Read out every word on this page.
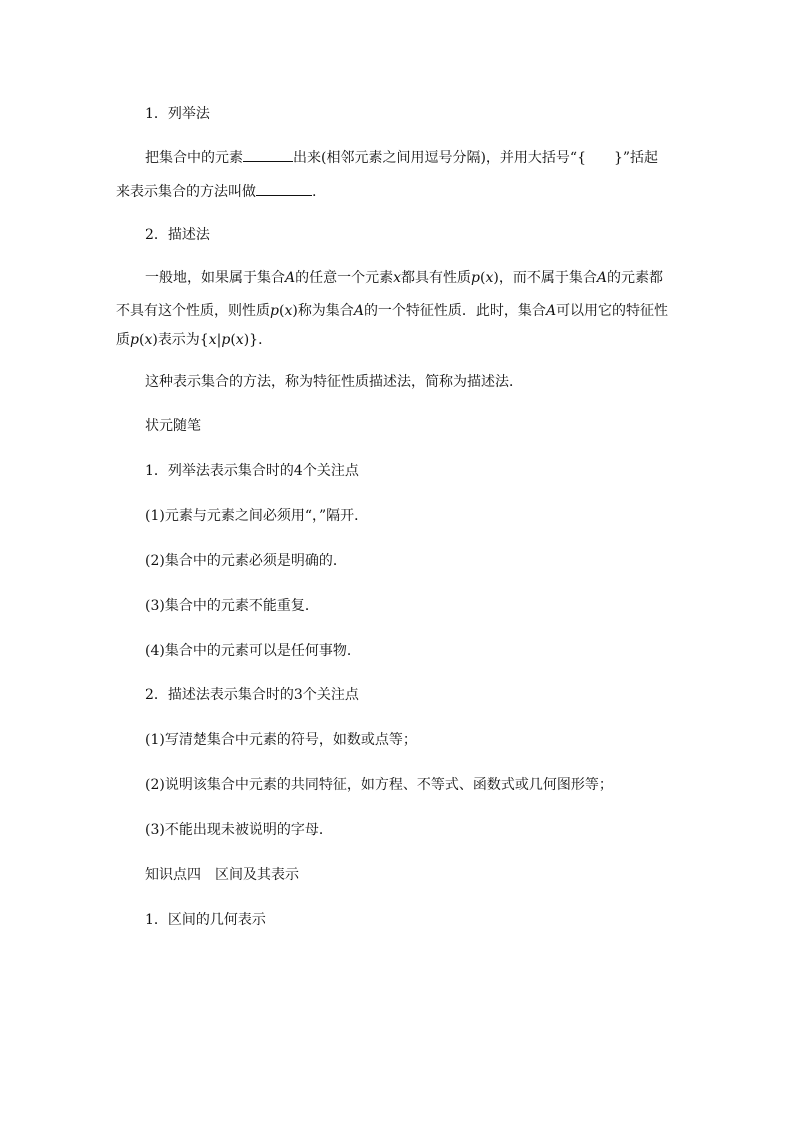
1．列举法
把集合中的元素	出来(相邻元素之间用逗号分隔)，并用大括号“{　　}”括起
来表示集合的方法叫做	.
2．描述法
一般地，如果属于集合A的任意一个元素x都具有性质p(x)，而不属于集合A的元素都
不具有这个性质，则性质p(x)称为集合A的一个特征性质．此时，集合A可以用它的特征性
质p(x)表示为{x|p(x)}．
这种表示集合的方法，称为特征性质描述法，简称为描述法．
状元随笔
1．列举法表示集合时的4个关注点
(1)元素与元素之间必须用“，”隔开．
(2)集合中的元素必须是明确的．
(3)集合中的元素不能重复．
(4)集合中的元素可以是任何事物．
2．描述法表示集合时的3个关注点
(1)写清楚集合中元素的符号，如数或点等；
(2)说明该集合中元素的共同特征，如方程、不等式、函数式或几何图形等；
(3)不能出现未被说明的字母．
知识点四 区间及其表示
1．区间的几何表示
